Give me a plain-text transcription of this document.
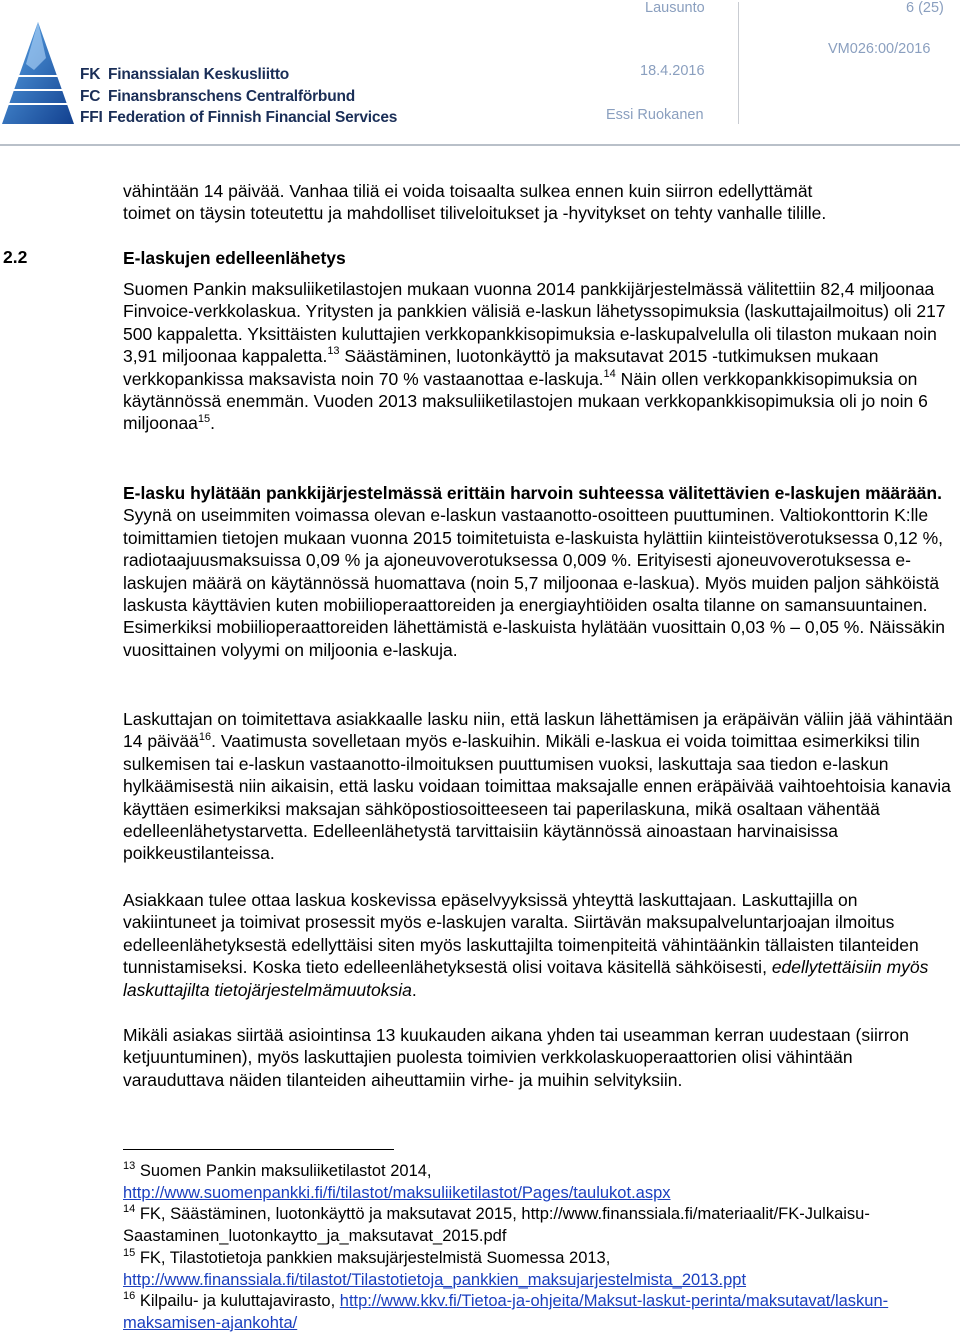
FK Finanssialan Keskusliitto
FC Finansbranschens Centralförbund
FFI Federation of Finnish Financial Services
Lausunto
18.4.2016
Essi Ruokanen
6 (25)
VM026:00/2016

vähintään 14 päivää. Vanhaa tiliä ei voida toisaalta sulkea ennen kuin siirron edellyttämät

toimet on täysin toteutettu ja mahdolliset tiliveloitukset ja -hyvitykset on tehty vanhalle tilille.

2.2	E-laskujen edelleenlähetys

Suomen Pankin maksuliiketilastojen mukaan vuonna 2014 pankkijärjestelmässä välitettiin 82,4 miljoonaa Finvoice-verkkolaskua. Yritysten ja pankkien välisiä e-laskun lähetyssopimuksia (laskuttajailmoitus) oli 217 500 kappaletta. Yksittäisten kuluttajien verkkopankkisopimuksia e-laskupalvelulla oli tilaston mukaan noin 3,91 miljoonaa kappaletta.$^{13}$ Säästäminen, luotonkäyttö ja maksutavat 2015 -tutkimuksen mukaan verkkopankissa maksavista noin 70 % vastaanottaa e-laskuja.$^{14}$ Näin ollen verkkopankkisopimuksia on käytännössä enemmän. Vuoden 2013 maksuliiketilastojen mukaan verkkopankkisopimuksia oli jo noin 6 miljoonaa$^{15}$.

E-lasku hylätään pankkijärjestelmässä erittäin harvoin suhteessa välitettävien e-laskujen määrään. Syynä on useimmiten voimassa olevan e-laskun vastaanotto-osoitteen puuttuminen. Valtiokonttorin K:lle toimittamien tietojen mukaan vuonna 2015 toimitetuista e-laskuista hylättiin kiinteistöverotuksessa 0,12 %, radiotaajuusmaksuissa 0,09 % ja ajoneuvoverotuksessa 0,009 %. Erityisesti ajoneuvoverotuksessa e-laskujen määrä on käytännössä huomattava (noin 5,7 miljoonaa e-laskua). Myös muiden paljon sähköistä laskusta käyttävien kuten mobiilioperaattoreiden ja energiayhtiöiden osalta tilanne on samansuuntainen. Esimerkiksi mobiilioperaattoreiden lähettämistä e-laskuista hylätään vuosittain 0,03 % – 0,05 %. Näissäkin vuosittainen volyymi on miljoonia e-laskuja.

Laskuttajan on toimitettava asiakkaalle lasku niin, että laskun lähettämisen ja eräpäivän väliin jää vähintään 14 päivää$^{16}$. Vaatimusta sovelletaan myös e-laskuihin. Mikäli e-laskua ei voida toimittaa esimerkiksi tilin sulkemisen tai e-laskun vastaanotto-ilmoituksen puuttumisen vuoksi, laskuttaja saa tiedon e-laskun hylkäämisestä niin aikaisin, että lasku voidaan toimittaa maksajalle ennen eräpäivää vaihtoehtoisia kanavia käyttäen esimerkiksi maksajan sähköpostiosoitteeseen tai paperilaskuna, mikä osaltaan vähentää edelleenlähetystarvetta. Edelleenlähetystä tarvittaisiin käytännössä ainoastaan harvinaisissa poikkeustilanteissa.

Asiakkaan tulee ottaa laskua koskevissa epäselvyyksissä yhteyttä laskuttajaan. Laskuttajilla on vakiintuneet ja toimivat prosessit myös e-laskujen varalta. Siirtävän maksupalveluntarjoajan ilmoitus edelleenlähetyksestä edellyttäisi siten myös laskuttajilta toimenpiteitä vähintäänkin tällaisten tilanteiden tunnistamiseksi. Koska tieto edelleenlähetyksestä olisi voitava käsitellä sähköisesti, edellytettäisiin myös laskuttajilta tietojärjestelmämuutoksia.

Mikäli asiakas siirtää asiointinsa 13 kuukauden aikana yhden tai useamman kerran uudestaan (siirron ketjuuntuminen), myös laskuttajien puolesta toimivien verkkolaskuoperaattorien olisi vähintään varauduttava näiden tilanteiden aiheuttamiin virhe- ja muihin selvityksiin.
$^{13}$ Suomen Pankin maksuliiketilastot 2014,
http://www.suomenpankki.fi/fi/tilastot/maksuliiketilastot/Pages/taulukot.aspx
$^{14}$ FK, Säästäminen, luotonkäyttö ja maksutavat 2015, http://www.finanssiala.fi/materiaalit/FK-Julkaisu-Saastaminen_luotonkaytto_ja_maksutavat_2015.pdf
$^{15}$ FK, Tilastotietoja pankkien maksujärjestelmistä Suomessa 2013,
http://www.finanssiala.fi/tilastot/Tilastotietoja_pankkien_maksujarjestelmista_2013.ppt
$^{16}$ Kilpailu- ja kuluttajavirasto, http://www.kkv.fi/Tietoa-ja-ohjeita/Maksut-laskut-perinta/maksutavat/laskun-maksamisen-ajankohta/
